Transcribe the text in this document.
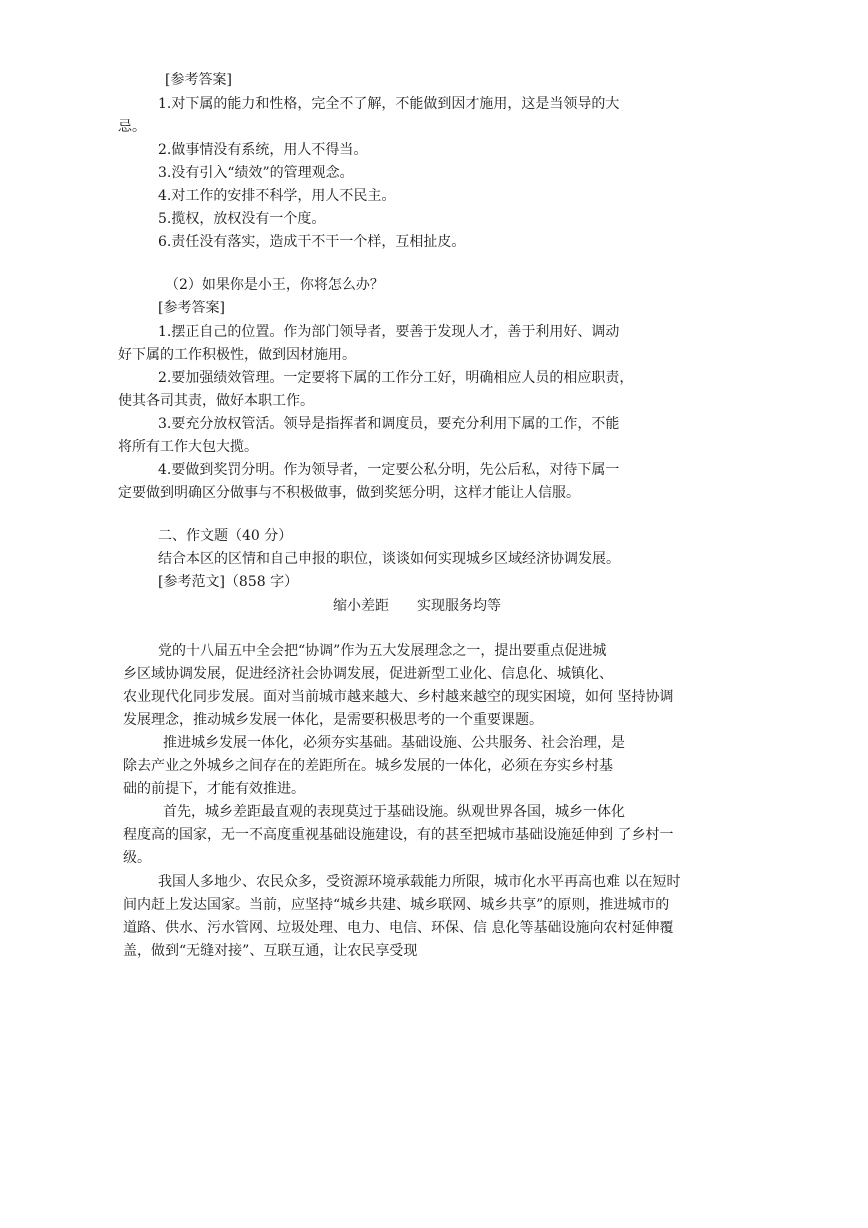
[参考答案]
1.对下属的能力和性格，完全不了解，不能做到因才施用，这是当领导的大
忌。
2.做事情没有系统，用人不得当。
3.没有引入“绩效”的管理观念。
4.对工作的安排不科学，用人不民主。
5.揽权，放权没有一个度。
6.责任没有落实，造成干不干一个样，互相扯皮。
（2）如果你是小王，你将怎么办？
[参考答案]
1.摆正自己的位置。作为部门领导者，要善于发现人才，善于利用好、调动
好下属的工作积极性，做到因材施用。
2.要加强绩效管理。一定要将下属的工作分工好，明确相应人员的相应职责，
使其各司其责，做好本职工作。
3.要充分放权管活。领导是指挥者和调度员，要充分利用下属的工作，不能
将所有工作大包大揽。
4.要做到奖罚分明。作为领导者，一定要公私分明，先公后私，对待下属一
定要做到明确区分做事与不积极做事，做到奖惩分明，这样才能让人信服。
二、作文题（40 分）
结合本区的区情和自己申报的职位，谈谈如何实现城乡区域经济协调发展。
[参考范文]（858 字）
缩小差距　　实现服务均等
党的十八届五中全会把“协调”作为五大发展理念之一，提出要重点促进城
乡区域协调发展，促进经济社会协调发展，促进新型工业化、信息化、城镇化、
农业现代化同步发展。面对当前城市越来越大、乡村越来越空的现实困境，如何 坚持协调
发展理念，推动城乡发展一体化，是需要积极思考的一个重要课题。
推进城乡发展一体化，必须夯实基础。基础设施、公共服务、社会治理，是
除去产业之外城乡之间存在的差距所在。城乡发展的一体化，必须在夯实乡村基
础的前提下，才能有效推进。
首先，城乡差距最直观的表现莫过于基础设施。纵观世界各国，城乡一体化
程度高的国家，无一不高度重视基础设施建设，有的甚至把城市基础设施延伸到 了乡村一
级。
我国人多地少、农民众多，受资源环境承载能力所限，城市化水平再高也难 以在短时
间内赶上发达国家。当前，应坚持“城乡共建、城乡联网、城乡共享”的原则，推进城市的
道路、供水、污水管网、垃圾处理、电力、电信、环保、信 息化等基础设施向农村延伸覆
盖，做到“无缝对接”、互联互通，让农民享受现
